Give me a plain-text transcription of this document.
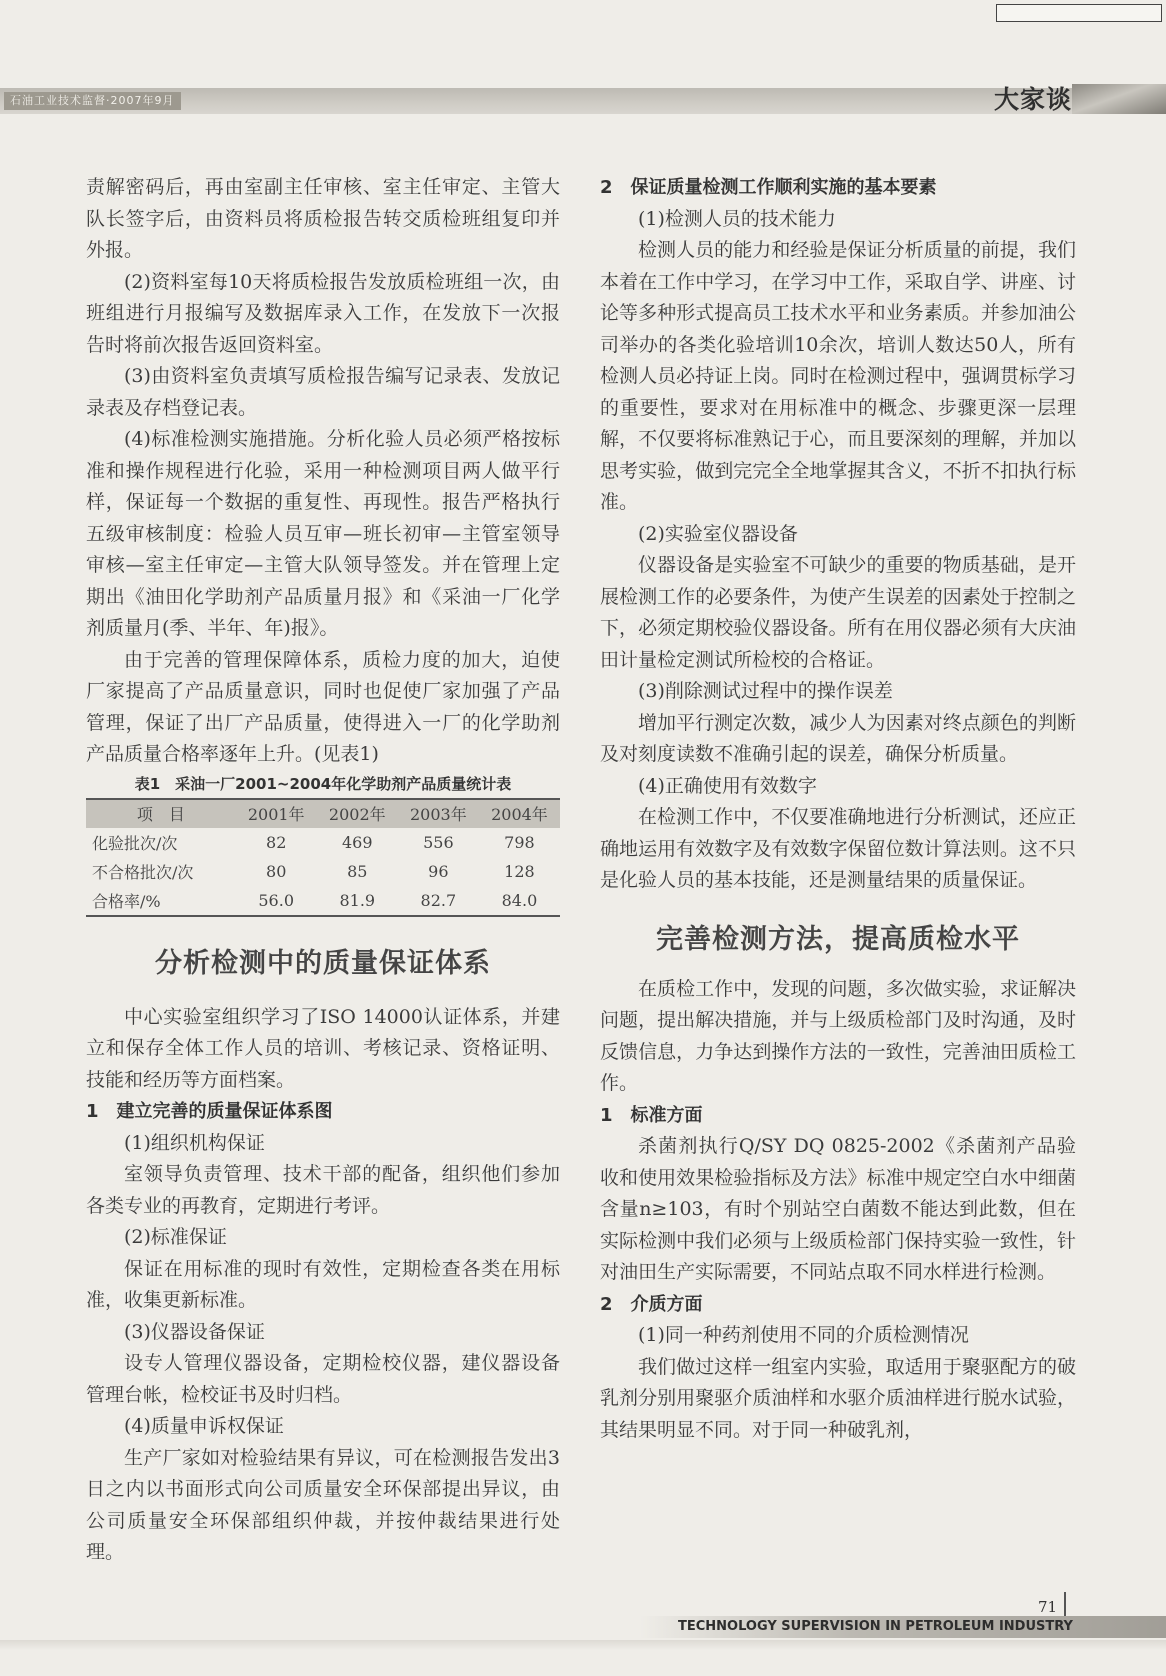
石油工业技术监督·2007年9月	大家谈

责解密码后，再由室副主任审核、室主任审定、主管大队长签字后，由资料员将质检报告转交质检班组复印并外报。

(2)资料室每10天将质检报告发放质检班组一次，由班组进行月报编写及数据库录入工作，在发放下一次报告时将前次报告返回资料室。

(3)由资料室负责填写质检报告编写记录表、发放记录表及存档登记表。

(4)标准检测实施措施。分析化验人员必须严格按标准和操作规程进行化验，采用一种检测项目两人做平行样，保证每一个数据的重复性、再现性。报告严格执行五级审核制度：检验人员互审—班长初审—主管室领导审核—室主任审定—主管大队领导签发。并在管理上定期出《油田化学助剂产品质量月报》和《采油一厂化学剂质量月(季、半年、年)报》。

由于完善的管理保障体系，质检力度的加大，迫使厂家提高了产品质量意识，同时也促使厂家加强了产品管理，保证了出厂产品质量，使得进入一厂的化学助剂产品质量合格率逐年上升。(见表1)

表1　采油一厂2001~2004年化学助剂产品质量统计表
项　目	2001年	2002年	2003年	2004年
化验批次/次	82	469	556	798
不合格批次/次	80	85	96	128
合格率/%	56.0	81.9	82.7	84.0
分析检测中的质量保证体系

中心实验室组织学习了ISO 14000认证体系，并建立和保存全体工作人员的培训、考核记录、资格证明、技能和经历等方面档案。

1　建立完善的质量保证体系图

(1)组织机构保证

室领导负责管理、技术干部的配备，组织他们参加各类专业的再教育，定期进行考评。

(2)标准保证

保证在用标准的现时有效性，定期检查各类在用标准，收集更新标准。

(3)仪器设备保证

设专人管理仪器设备，定期检校仪器，建仪器设备管理台帐，检校证书及时归档。

(4)质量申诉权保证

生产厂家如对检验结果有异议，可在检测报告发出3日之内以书面形式向公司质量安全环保部提出异议，由公司质量安全环保部组织仲裁，并按仲裁结果进行处理。

2　保证质量检测工作顺利实施的基本要素

(1)检测人员的技术能力

检测人员的能力和经验是保证分析质量的前提，我们本着在工作中学习，在学习中工作，采取自学、讲座、讨论等多种形式提高员工技术水平和业务素质。并参加油公司举办的各类化验培训10余次，培训人数达50人，所有检测人员必持证上岗。同时在检测过程中，强调贯标学习的重要性，要求对在用标准中的概念、步骤更深一层理解，不仅要将标准熟记于心，而且要深刻的理解，并加以思考实验，做到完完全全地掌握其含义，不折不扣执行标准。

(2)实验室仪器设备

仪器设备是实验室不可缺少的重要的物质基础，是开展检测工作的必要条件，为使产生误差的因素处于控制之下，必须定期校验仪器设备。所有在用仪器必须有大庆油田计量检定测试所检校的合格证。

(3)削除测试过程中的操作误差

增加平行测定次数，减少人为因素对终点颜色的判断及对刻度读数不准确引起的误差，确保分析质量。

(4)正确使用有效数字

在检测工作中，不仅要准确地进行分析测试，还应正确地运用有效数字及有效数字保留位数计算法则。这不只是化验人员的基本技能，还是测量结果的质量保证。

完善检测方法，提高质检水平

在质检工作中，发现的问题，多次做实验，求证解决问题，提出解决措施，并与上级质检部门及时沟通，及时反馈信息，力争达到操作方法的一致性，完善油田质检工作。

1　标准方面

杀菌剂执行Q/SY DQ 0825-2002《杀菌剂产品验收和使用效果检验指标及方法》标准中规定空白水中细菌含量n≥103，有时个别站空白菌数不能达到此数，但在实际检测中我们必须与上级质检部门保持实验一致性，针对油田生产实际需要，不同站点取不同水样进行检测。

2　介质方面

(1)同一种药剂使用不同的介质检测情况

我们做过这样一组室内实验，取适用于聚驱配方的破乳剂分别用聚驱介质油样和水驱介质油样进行脱水试验，其结果明显不同。对于同一种破乳剂，

71
TECHNOLOGY SUPERVISION IN PETROLEUM INDUSTRY
